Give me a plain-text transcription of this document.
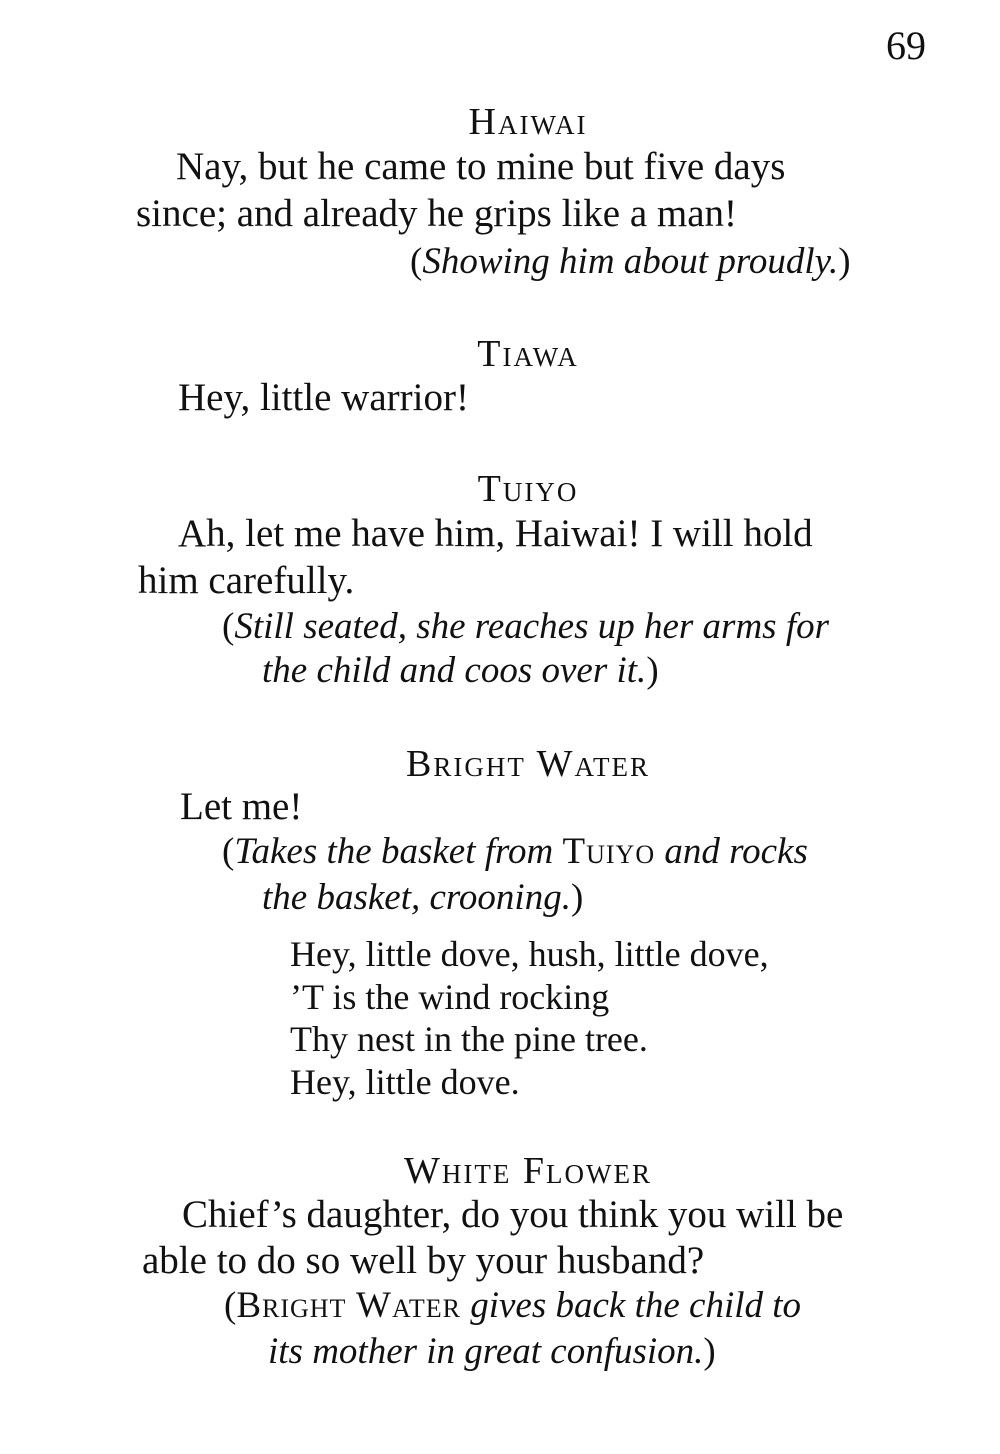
69
Haiwai
Nay, but he came to mine but five days
since; and already he grips like a man!
(Showing him about proudly.)
Tiawa
Hey, little warrior!
Tuiyo
Ah, let me have him, Haiwai! I will hold
him carefully.
(Still seated, she reaches up her arms for
the child and coos over it.)
Bright Water
Let me!
(Takes the basket from Tuiyo and rocks
the basket, crooning.)
Hey, little dove, hush, little dove,
’T is the wind rocking
Thy nest in the pine tree.
Hey, little dove.
White Flower
Chief’s daughter, do you think you will be
able to do so well by your husband?
(Bright Water gives back the child to
its mother in great confusion.)
